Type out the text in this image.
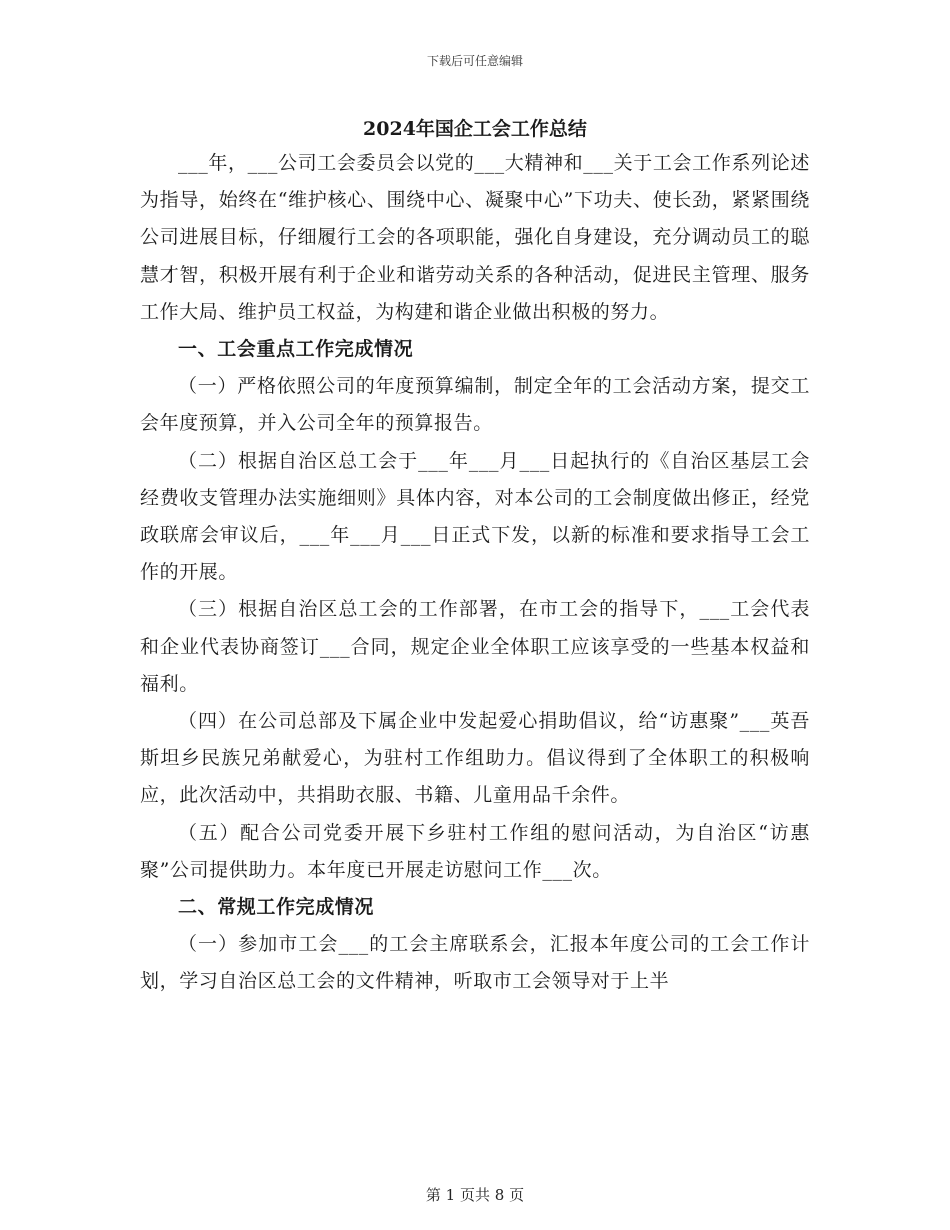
下载后可任意编辑
2024年国企工会工作总结

___年，___公司工会委员会以党的___大精神和___关于工会工作系列论述为指导，始终在“维护核心、围绕中心、凝聚中心”下功夫、使长劲，紧紧围绕公司进展目标，仔细履行工会的各项职能，强化自身建设，充分调动员工的聪慧才智，积极开展有利于企业和谐劳动关系的各种活动，促进民主管理、服务工作大局、维护员工权益，为构建和谐企业做出积极的努力。

一、工会重点工作完成情况

（一）严格依照公司的年度预算编制，制定全年的工会活动方案，提交工会年度预算，并入公司全年的预算报告。

（二）根据自治区总工会于___年___月___日起执行的《自治区基层工会经费收支管理办法实施细则》具体内容，对本公司的工会制度做出修正，经党政联席会审议后，___年___月___日正式下发，以新的标准和要求指导工会工作的开展。

（三）根据自治区总工会的工作部署，在市工会的指导下，___工会代表和企业代表协商签订___合同，规定企业全体职工应该享受的一些基本权益和福利。

（四）在公司总部及下属企业中发起爱心捐助倡议，给“访惠聚”___英吾斯坦乡民族兄弟献爱心，为驻村工作组助力。倡议得到了全体职工的积极响应，此次活动中，共捐助衣服、书籍、儿童用品千余件。

（五）配合公司党委开展下乡驻村工作组的慰问活动，为自治区“访惠聚”公司提供助力。本年度已开展走访慰问工作___次。

二、常规工作完成情况

（一）参加市工会___的工会主席联系会，汇报本年度公司的工会工作计划，学习自治区总工会的文件精神，听取市工会领导对于上半

第 1 页共 8 页
